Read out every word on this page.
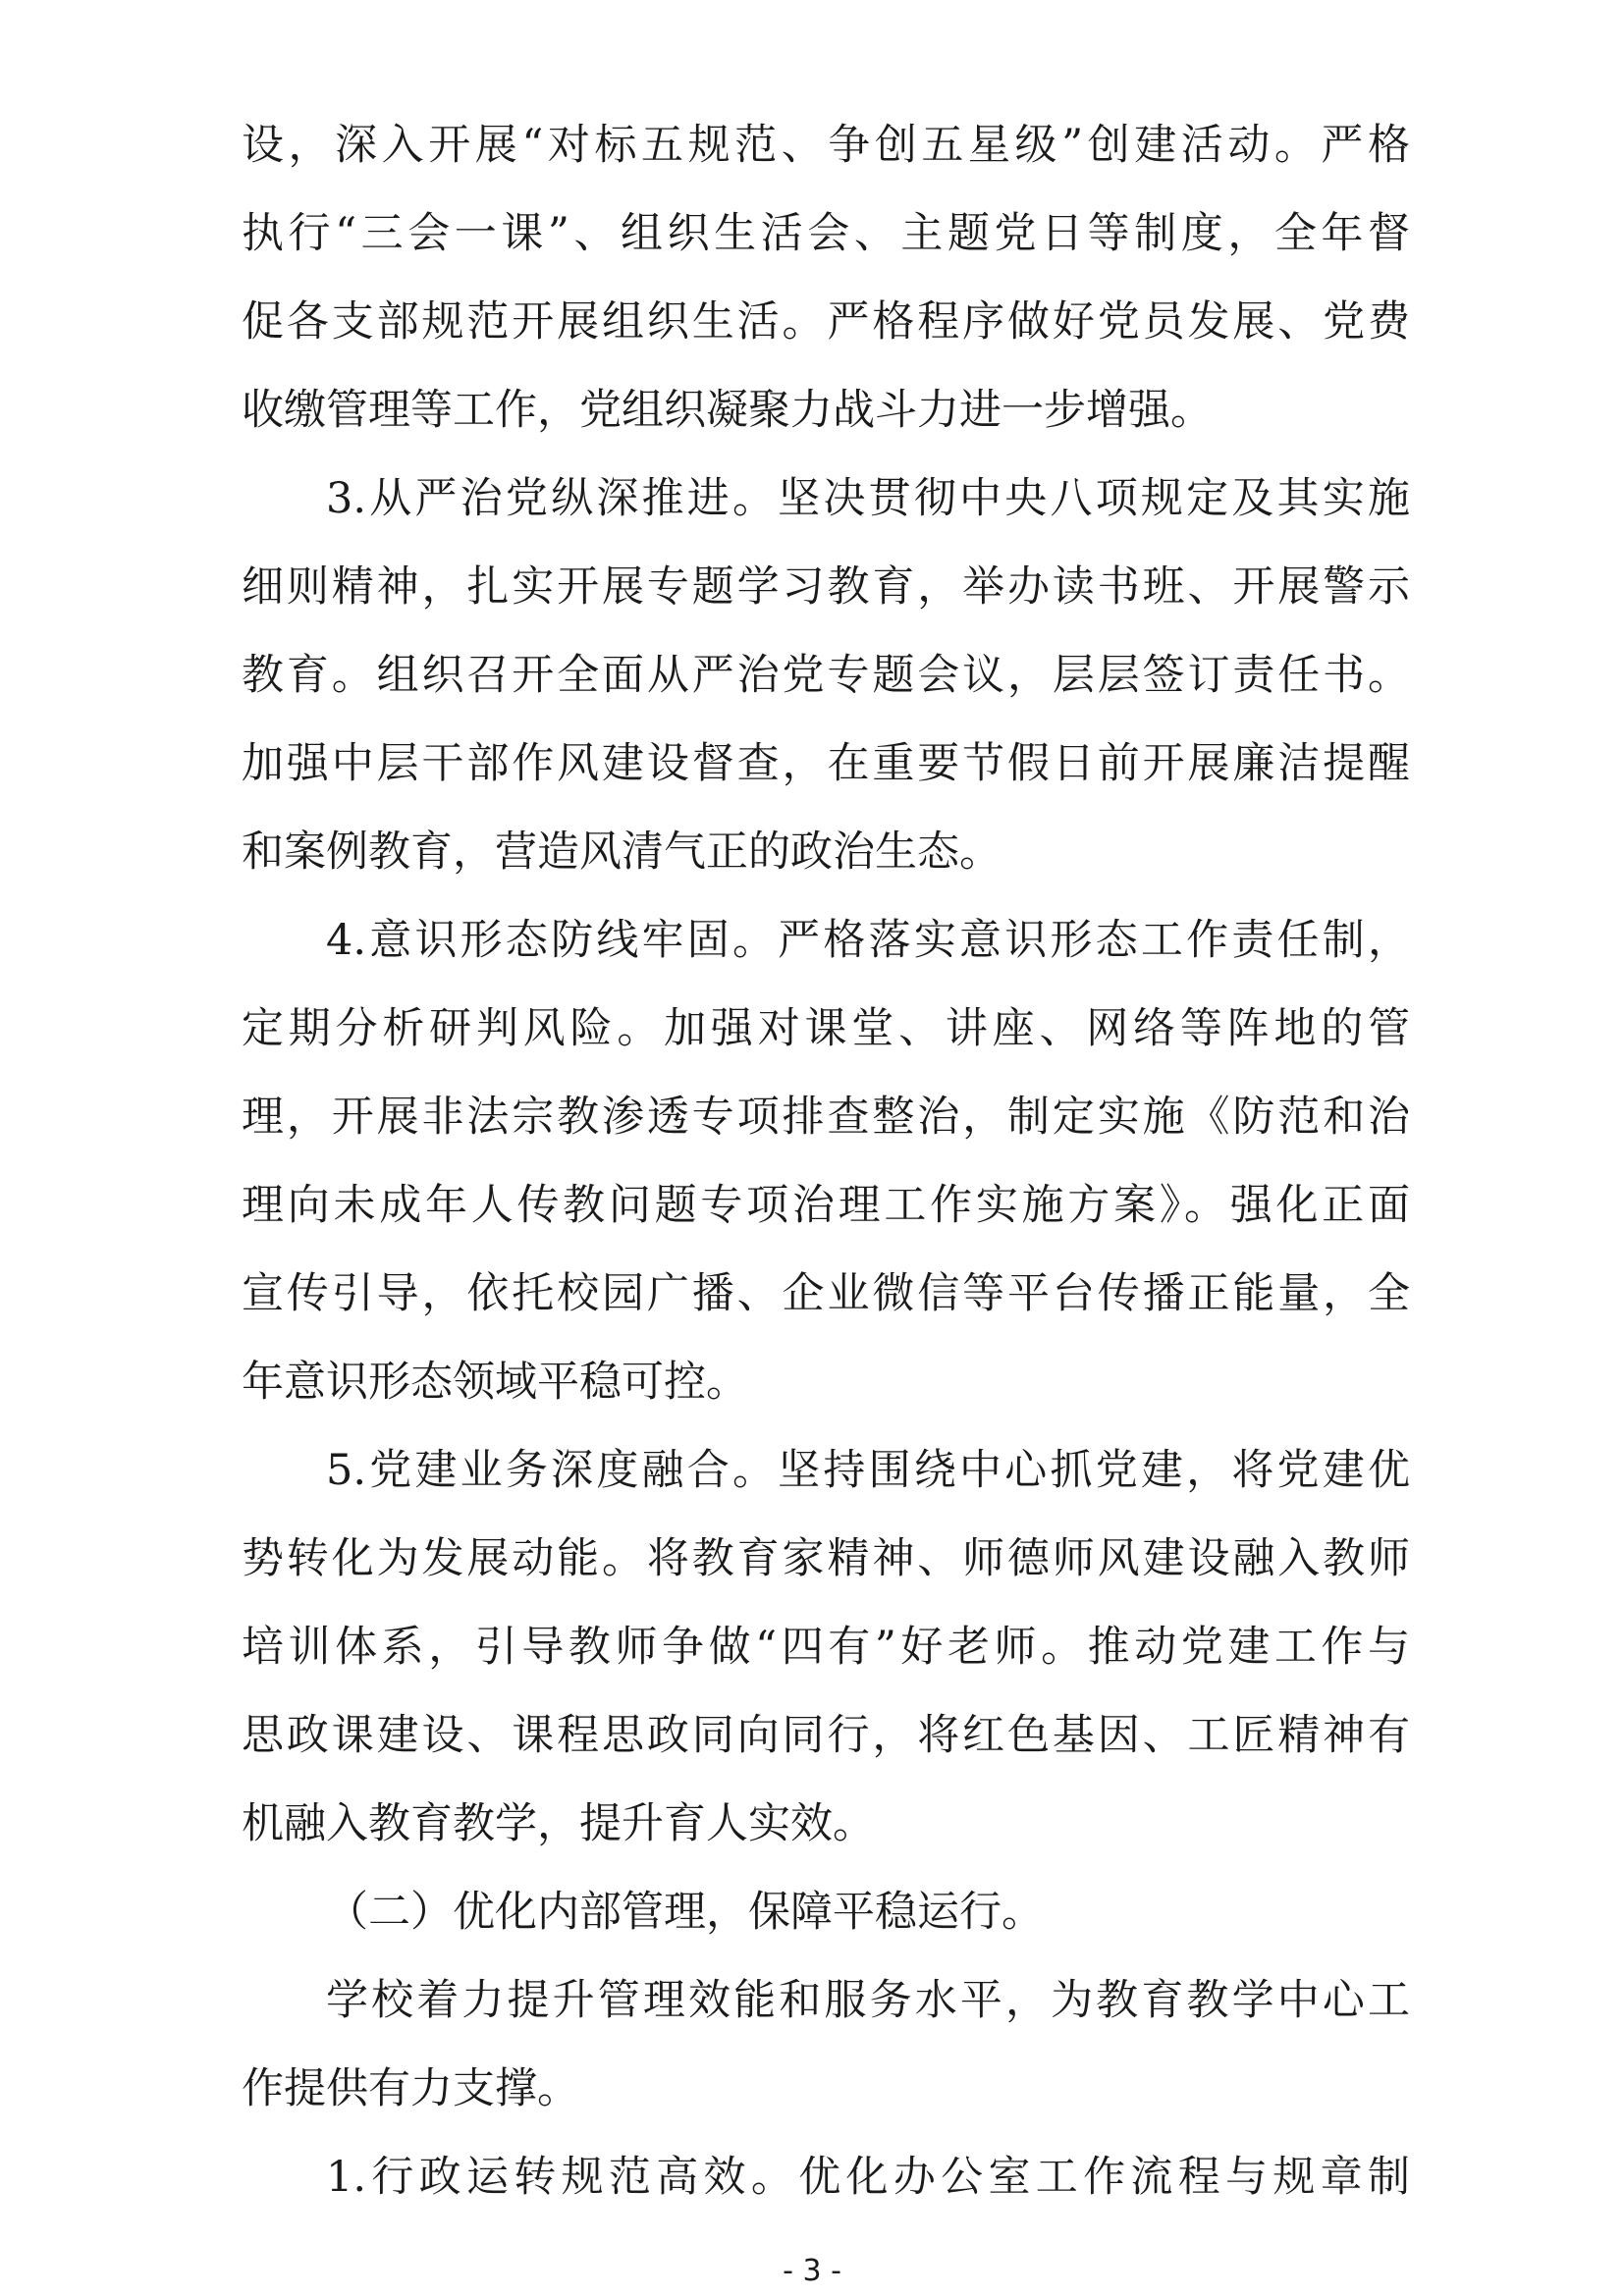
设，深入开展“对标五规范、争创五星级”创建活动。严格
执行“三会一课”、组织生活会、主题党日等制度，全年督
促各支部规范开展组织生活。严格程序做好党员发展、党费
收缴管理等工作，党组织凝聚力战斗力进一步增强。
3.从严治党纵深推进。坚决贯彻中央八项规定及其实施
细则精神，扎实开展专题学习教育，举办读书班、开展警示
教育。组织召开全面从严治党专题会议，层层签订责任书。
加强中层干部作风建设督查，在重要节假日前开展廉洁提醒
和案例教育，营造风清气正的政治生态。
4.意识形态防线牢固。严格落实意识形态工作责任制，
定期分析研判风险。加强对课堂、讲座、网络等阵地的管
理，开展非法宗教渗透专项排查整治，制定实施《防范和治
理向未成年人传教问题专项治理工作实施方案》。强化正面
宣传引导，依托校园广播、企业微信等平台传播正能量，全
年意识形态领域平稳可控。
5.党建业务深度融合。坚持围绕中心抓党建，将党建优
势转化为发展动能。将教育家精神、师德师风建设融入教师
培训体系，引导教师争做“四有”好老师。推动党建工作与
思政课建设、课程思政同向同行，将红色基因、工匠精神有
机融入教育教学，提升育人实效。
（二）优化内部管理，保障平稳运行。
学校着力提升管理效能和服务水平，为教育教学中心工
作提供有力支撑。
1.行政运转规范高效。优化办公室工作流程与规章制
- 3 -
